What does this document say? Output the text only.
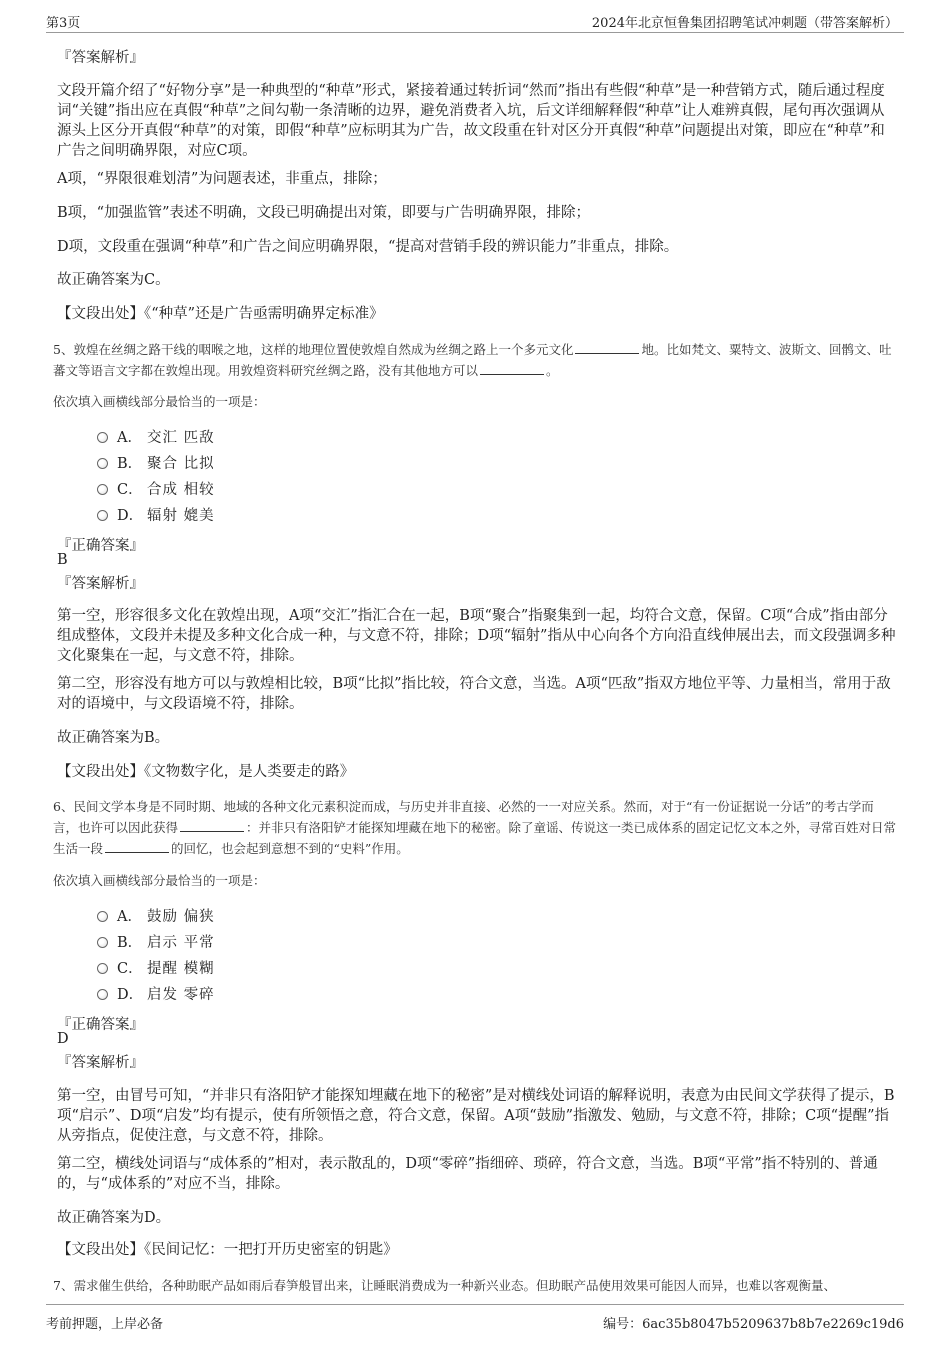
第3页	2024年北京恒鲁集团招聘笔试冲刺题（带答案解析）
『答案解析』
文段开篇介绍了“好物分享”是一种典型的“种草”形式，紧接着通过转折词“然而”指出有些假“种草”是一种营销方式，随后通过程度词“关键”指出应在真假“种草”之间勾勒一条清晰的边界，避免消费者入坑，后文详细解释假“种草”让人难辨真假，尾句再次强调从源头上区分开真假“种草”的对策，即假“种草”应标明其为广告，故文段重在针对区分开真假“种草”问题提出对策，即应在“种草”和广告之间明确界限，对应C项。
A项，“界限很难划清”为问题表述，非重点，排除；
B项，“加强监管”表述不明确，文段已明确提出对策，即要与广告明确界限，排除；
D项，文段重在强调“种草”和广告之间应明确界限，“提高对营销手段的辨识能力”非重点，排除。
故正确答案为C。
【文段出处】《“种草”还是广告亟需明确界定标准》
5、敦煌在丝绸之路干线的咽喉之地，这样的地理位置使敦煌自然成为丝绸之路上一个多元文化	地。比如梵文、粟特文、波斯文、回鹘文、吐蕃文等语言文字都在敦煌出现。用敦煌资料研究丝绸之路，没有其他地方可以	。
依次填入画横线部分最恰当的一项是：
A． 交汇 匹敌
B． 聚合 比拟
C． 合成 相较
D． 辐射 媲美
『正确答案』
B
『答案解析』
第一空，形容很多文化在敦煌出现，A项“交汇”指汇合在一起，B项“聚合”指聚集到一起，均符合文意，保留。C项“合成”指由部分组成整体，文段并未提及多种文化合成一种，与文意不符，排除；D项“辐射”指从中心向各个方向沿直线伸展出去，而文段强调多种文化聚集在一起，与文意不符，排除。
第二空，形容没有地方可以与敦煌相比较，B项“比拟”指比较，符合文意，当选。A项“匹敌”指双方地位平等、力量相当，常用于敌对的语境中，与文段语境不符，排除。
故正确答案为B。
【文段出处】《文物数字化，是人类要走的路》
6、民间文学本身是不同时期、地域的各种文化元素积淀而成，与历史并非直接、必然的一一对应关系。然而，对于“有一份证据说一分话”的考古学而言，也许可以因此获得	：并非只有洛阳铲才能探知埋藏在地下的秘密。除了童谣、传说这一类已成体系的固定记忆文本之外，寻常百姓对日常生活一段	的回忆，也会起到意想不到的“史料”作用。
依次填入画横线部分最恰当的一项是：
A． 鼓励 偏狭
B． 启示 平常
C． 提醒 模糊
D． 启发 零碎
『正确答案』
D
『答案解析』
第一空，由冒号可知，“并非只有洛阳铲才能探知埋藏在地下的秘密”是对横线处词语的解释说明，表意为由民间文学获得了提示，B项“启示”、D项“启发”均有提示，使有所领悟之意，符合文意，保留。A项“鼓励”指激发、勉励，与文意不符，排除；C项“提醒”指从旁指点，促使注意，与文意不符，排除。
第二空，横线处词语与“成体系的”相对，表示散乱的，D项“零碎”指细碎、琐碎，符合文意，当选。B项“平常”指不特别的、普通的，与“成体系的”对应不当，排除。
故正确答案为D。
【文段出处】《民间记忆：一把打开历史密室的钥匙》
7、需求催生供给，各种助眠产品如雨后春笋般冒出来，让睡眠消费成为一种新兴业态。但助眠产品使用效果可能因人而异，也难以客观衡量、
考前押题，上岸必备	编号：6ac35b8047b5209637b8b7e2269c19d6
